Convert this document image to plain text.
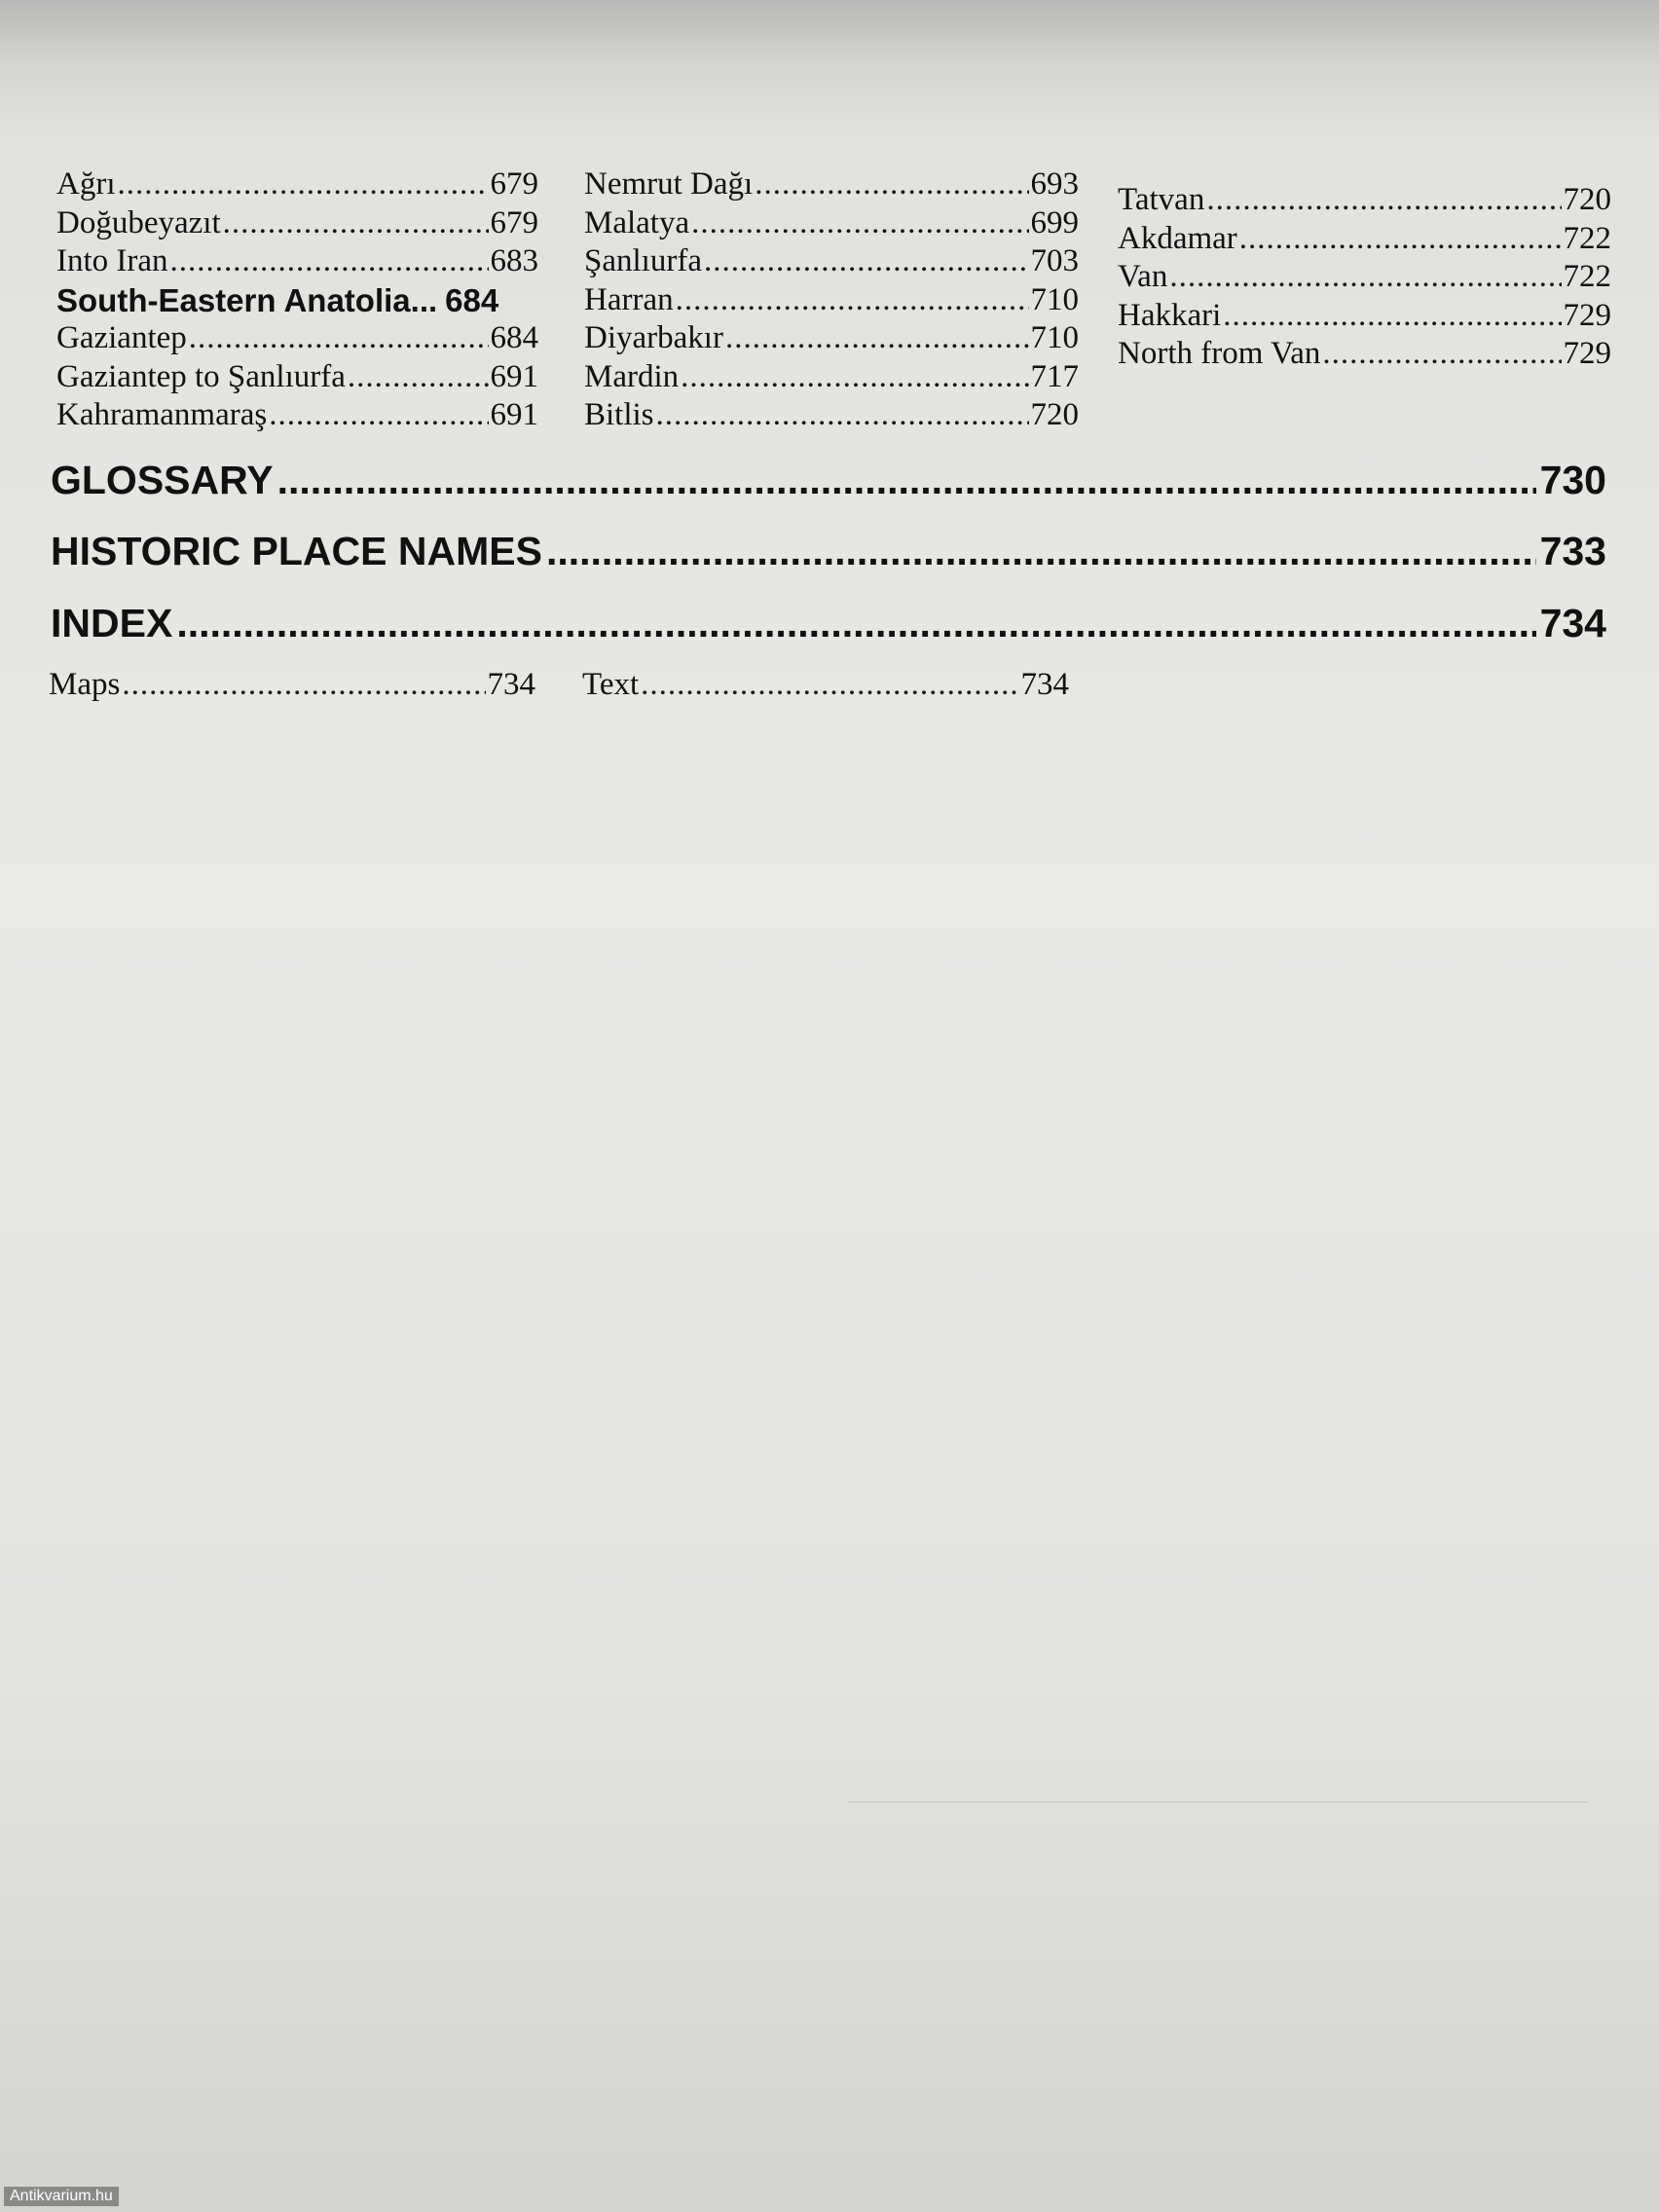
Ağrı .....	679
Doğubeyazıt .....	679
Into Iran .....	683
South-Eastern Anatolia... 684
Gaziantep .....	684
Gaziantep to Şanlıurfa .....	691
Kahramanmaraş .....	691
Nemrut Dağı .....	693
Malatya .....	699
Şanlıurfa .....	703
Harran .....	710
Diyarbakır .....	710
Mardin .....	717
Bitlis .....	720
Tatvan .....	720
Akdamar .....	722
Van .....	722
Hakkari .....	729
North from Van .....	729
GLOSSARY .....	730
HISTORIC PLACE NAMES .....	733
INDEX .....	734
Maps .....	734 Text .....	734
Antikvarium.hu
